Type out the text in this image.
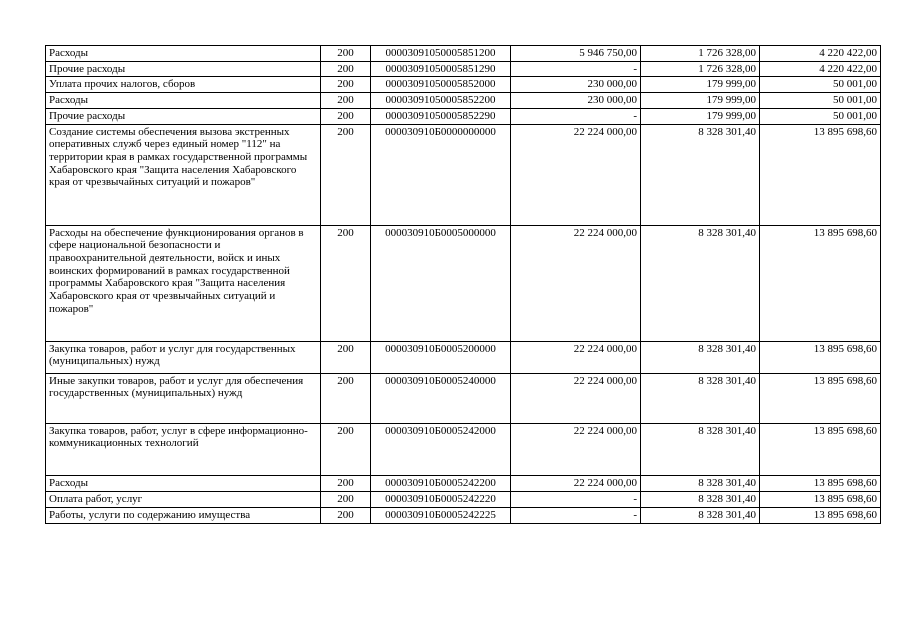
Расходы	200	00003091050005851200	5 946 750,00	1 726 328,00	4 220 422,00
Прочие расходы	200	00003091050005851290	-	1 726 328,00	4 220 422,00
Уплата прочих налогов, сборов	200	00003091050005852000	230 000,00	179 999,00	50 001,00
Расходы	200	00003091050005852200	230 000,00	179 999,00	50 001,00
Прочие расходы	200	00003091050005852290	-	179 999,00	50 001,00
Создание системы обеспечения вызова экстренных оперативных служб через единый номер "112" на территории края в рамках государственной программы Хабаровского края "Защита населения Хабаровского края от чрезвычайных ситуаций и пожаров"	200	000030910Б0000000000	22 224 000,00	8 328 301,40	13 895 698,60
Расходы на обеспечение функционирования органов в сфере национальной безопасности и правоохранительной деятельности, войск и иных воинских формирований в рамках государственной программы Хабаровского края "Защита населения Хабаровского края от чрезвычайных ситуаций и пожаров"	200	000030910Б0005000000	22 224 000,00	8 328 301,40	13 895 698,60
Закупка товаров, работ и услуг для государственных (муниципальных) нужд	200	000030910Б0005200000	22 224 000,00	8 328 301,40	13 895 698,60
Иные закупки товаров, работ и услуг для обеспечения государственных (муниципальных) нужд	200	000030910Б0005240000	22 224 000,00	8 328 301,40	13 895 698,60
Закупка товаров, работ, услуг в сфере информационно-коммуникационных технологий	200	000030910Б0005242000	22 224 000,00	8 328 301,40	13 895 698,60
Расходы	200	000030910Б0005242200	22 224 000,00	8 328 301,40	13 895 698,60
Оплата работ, услуг	200	000030910Б0005242220	-	8 328 301,40	13 895 698,60
Работы, услуги по содержанию имущества	200	000030910Б0005242225	-	8 328 301,40	13 895 698,60
